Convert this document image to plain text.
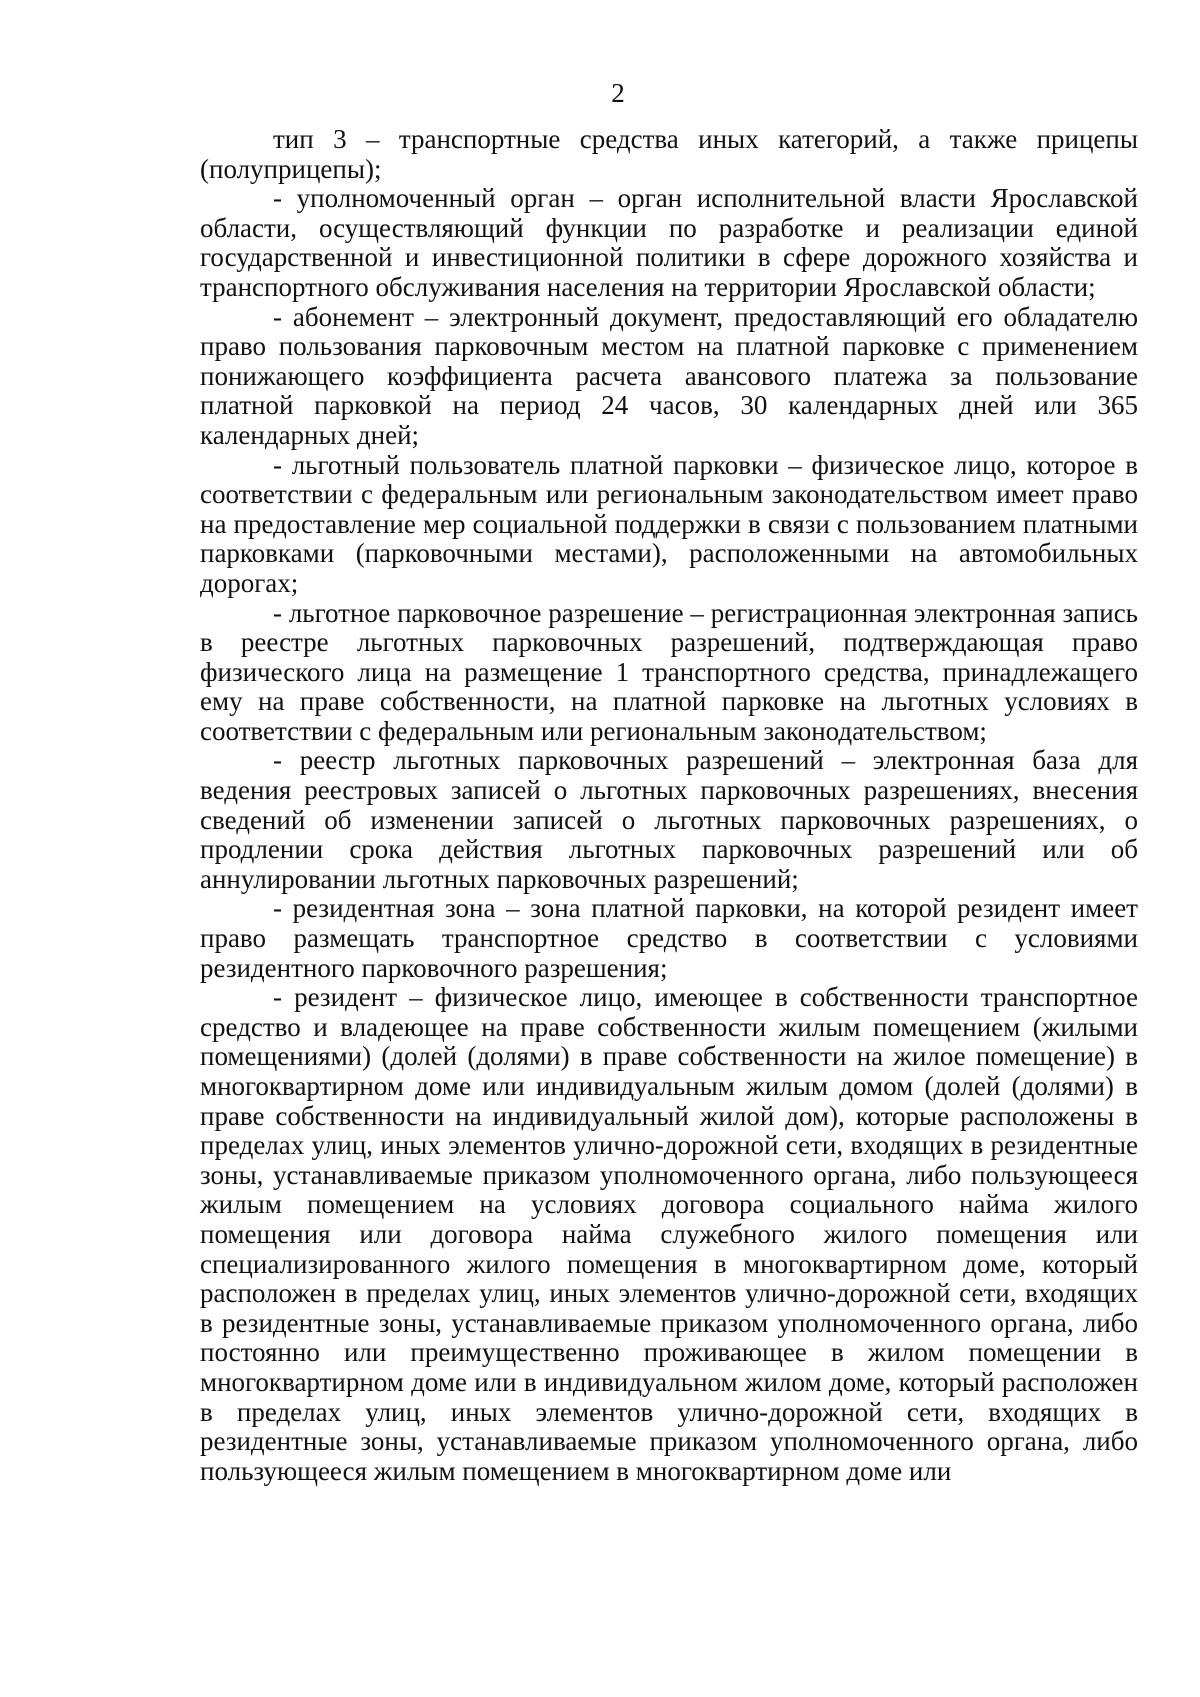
2

тип 3 – транспортные средства иных категорий, а также прицепы (полуприцепы);

- уполномоченный орган – орган исполнительной власти Ярославской области, осуществляющий функции по разработке и реализации единой государственной и инвестиционной политики в сфере дорожного хозяйства и транспортного обслуживания населения на территории Ярославской области;

- абонемент – электронный документ, предоставляющий его обладателю право пользования парковочным местом на платной парковке с применением понижающего коэффициента расчета авансового платежа за пользование платной парковкой на период 24 часов, 30 календарных дней или 365 календарных дней;

- льготный пользователь платной парковки – физическое лицо, которое в соответствии с федеральным или региональным законодательством имеет право на предоставление мер социальной поддержки в связи с пользованием платными парковками (парковочными местами), расположенными на автомобильных дорогах;

- льготное парковочное разрешение – регистрационная электронная запись в реестре льготных парковочных разрешений, подтверждающая право физического лица на размещение 1 транспортного средства, принадлежащего ему на праве собственности, на платной парковке на льготных условиях в соответствии с федеральным или региональным законодательством;

- реестр льготных парковочных разрешений – электронная база для ведения реестровых записей о льготных парковочных разрешениях, внесения сведений об изменении записей о льготных парковочных разрешениях, о продлении срока действия льготных парковочных разрешений или об аннулировании льготных парковочных разрешений;

- резидентная зона – зона платной парковки, на которой резидент имеет право размещать транспортное средство в соответствии с условиями резидентного парковочного разрешения;

- резидент – физическое лицо, имеющее в собственности транспортное средство и владеющее на праве собственности жилым помещением (жилыми помещениями) (долей (долями) в праве собственности на жилое помещение) в многоквартирном доме или индивидуальным жилым домом (долей (долями) в праве собственности на индивидуальный жилой дом), которые расположены в пределах улиц, иных элементов улично-дорожной сети, входящих в резидентные зоны, устанавливаемые приказом уполномоченного органа, либо пользующееся жилым помещением на условиях договора социального найма жилого помещения или договора найма служебного жилого помещения или специализированного жилого помещения в многоквартирном доме, который расположен в пределах улиц, иных элементов улично-дорожной сети, входящих в резидентные зоны, устанавливаемые приказом уполномоченного органа, либо постоянно или преимущественно проживающее в жилом помещении в многоквартирном доме или в индивидуальном жилом доме, который расположен в пределах улиц, иных элементов улично-дорожной сети, входящих в резидентные зоны, устанавливаемые приказом уполномоченного органа, либо пользующееся жилым помещением в многоквартирном доме или
